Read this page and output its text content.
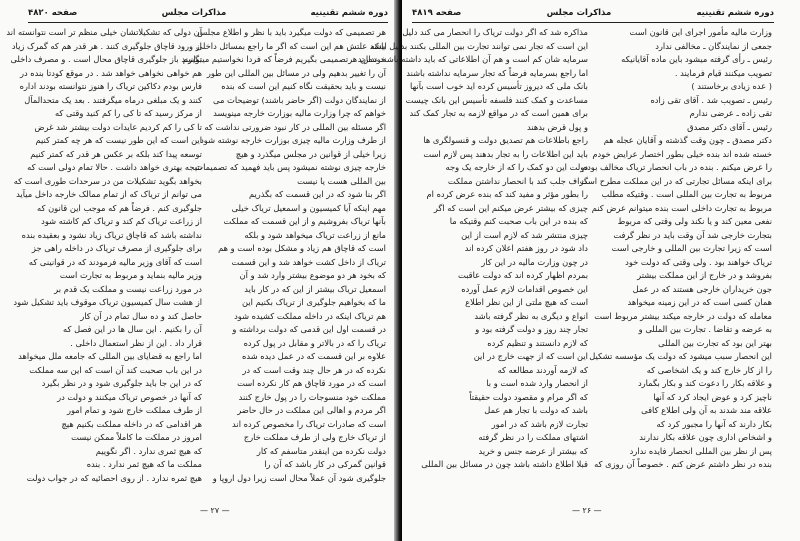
دوره ششم تقنینیه
مذاکرات مجلس
صفحه ۴۸۲۰
هر تصمیمی که دولت میگیرد باید با نظر و اطلاع مجلس
باشد علتش هم این است که اگر ما راجع بمسائل داخلی
خودمان هرتصمیمی بگیریم فرضاً که فردا نخواستیم میتوانیم
آن را تغییر بدهیم ولی در مسائل بین المللی این طور
نیست و باید بحقیقت نگاه کنیم این است که بنده
از نمایندگان دولت (اگر حاضر باشند) توضیحات می
خواهم که چرا وزارت مالیه بوزارت خارجه مینویسد
اگر مسئله بین المللی در کار نبود ضرورتی نداشت که
از طرف وزارت مالیه چیزی بوزارت خارجه نوشته شود
زیرا خیلی از قوانین در مجلس میگذرد و هیچ
خارجه چیزی نوشته نمیشود پس باید فهمید که تصمیمات
بین المللی هست یا نیست
اگر بنا شود که در این قسمت که بگذریم
مهم اینکه آیا کمیسیون و اسمعیل تریاک خیلی
بآنها تریاک بفروشیم و از این قسمت که مملکت
مانع از زراعت تریاک میخواهد شود و بلکه
است که قاچاق هم زیاد و مشکل بوده است و هم
تریاک از داخل کشت خواهد شد و این قسمت
که بخود هر دو موضوع بیشتر وارد شد و آن
اسمعیل تریاک بیشتر از این که در کار باید
ما که بخواهیم جلوگیری از تریاک بکنیم این
هم تریاک اینکه در داخله مملکت کشیده شود
در قسمت اول این قدمی که دولت برداشته و
تریاک را که در بالاتر و مقابل در پول کرده
علاوه بر این قسمت که در عمل دیده شده
نکرده که در هر حال چند وقت است که در
است که در مورد قاچاق هم کار نکرده است
مملکت خود منسوجات را در پول خارج کنند
اگر مردم و اهالی این مملکت در حال حاضر
است که صادرات تریاک را مخصوص کرده اند
از تریاک خارج ولی از طرف مملکت خارج
دولت نکرده من اینقدر متاسفم که کار
قوانین گمرکی در کار باشد که آن را
جلوگیری شود آن عملاً محال است زیرا دول اروپا و
آن دولی که تشکیلاتشان خیلی منظم تر است نتوانسته اند
از ورود قاچاق جلوگیری کنند . هر قدر هم که گمرک زیاد
بگیرند باز جلوگیری قاچاق محال است . و مصرف داخلی
هم خواهی نخواهی خواهد شد . در موقع کودتا بنده در
فارس بودم دکاکین تریاک را هنوز نتوانسته بودند اداره
کنند و یک مبلغی درماه میگرفتند . بعد یک متحدالمآل
از مرکز رسید که تا کی را کم کنید وقتی که
تا کی را کم کردیم عایدات دولت بیشتر شد غرض
این است که این طور نیست که هر چه کمتر کنیم
توسعه پیدا کند بلکه بر عکس هر قدر که کمتر کنیم
نتیجه بهتری خواهد داشت . حالا تمام دولی است که
بخواهد بگوید تشکیلات من در سرحدات طوری است که
می توانم از تریاک که از تمام ممالک خارجه داخل میآید
جلوگیری کنم . فرضاً هم که موجب این قانون که
از زراعت تریاک کم کند و تریاک کم کاشته شود
نداشته باشد که قاچاق تریاک زیاد نشود و بعقیده بنده
برای جلوگیری از مصرف تریاک در داخله راهی جز
است که آقای وزیر مالیه فرمودند که در قوانینی که
وزیر مالیه بنماید و مربوط به تجارت است
در مورد زراعت نیست و مملکت یک قدم بر
از هشت سال کمیسیون تریاک موقوف باید تشکیل شود
حاصل کند و ده سال تمام در آن کار
آن را بکنیم . این سال ها در این فصل که
قرار داد . این از نظر استعمال داخلی .
اما راجع به قضایای بین المللی که جامعه ملل میخواهد
در این باب صحبت کند آن است که این سه مملکت
که در این جا باید جلوگیری شود و در نظر بگیرد
که آنها در خصوص تریاک میکنند و دولت در
از طرف مملکت خارج شود و تمام امور
هر اقدامی که در داخله مملکت بکنیم هیچ
امروز در مملکت ما کاملاً ممکن نیست
که هیچ ثمری ندارد . اگر نگوییم
مملکت ما که هیچ ثمر ندارد . بنده
هیچ ثمره ندارد . از روی احصائیه که در جواب دولت
— ۲۷ —
دوره ششم تقنینیه
مذاکرات مجلس
صفحه ۴۸۱۹
وزارت مالیه مأمور اجرای این قانون است
جمعی از نمایندگان ـ مخالفی ندارد
رئیس ـ رأی گرفته میشود باین ماده آقایانیکه
تصویب میکنند قیام فرمایند .
( عده زیادی برخاستند )
رئیس ـ تصویب شد . آقای تقی زاده
تقی زاده ـ عرضی ندارم
رئیس ـ آقای دکتر مصدق
دکتر مصدق ـ چون وقت گذشته و آقایان عجله هم
خسته شده اند بنده خیلی بطور اختصار عرایض خودم
را عرض میکنم . بنده در باب انحصار تریاک مخالف بودم
برای اینکه مسائل تجارتی که در این مملکت مطرح است
مربوط به تجارت بین المللی است . وقتیکه مطلب
مربوط به تجارت داخلی است بنده میتوانم عرض کنم
نفعی معین کند و یا نکند ولی وقتی که مربوط
بتجارت خارجی شد آن وقت باید در نظر گرفت
است که زیرا تجارت بین المللی و خارجی است
تریاک خواهند بود . ولی وقتی که دولت خود
بفروشد و در خارج از این مملکت بیشتر
جون خریداران خارجی هستند که در عمل
همان کسی است که در این زمینه میخواهد
معامله که دولت در خارجه میکند بیشتر مربوط است
به عرضه و تقاضا . تجارت بین المللی و
بهتر این بود که تجارت بین المللی
این انحصار سبب میشود که دولت یک مؤسسه تشکیل
را از کار خارج کند و یک اشخاصی که
و علاقه بکار را دعوت کند و بکار بگمارد
ناچیز کرد و عوض ایجاد کرد که آنها
علاقه مند شدند به آن ولی اطلاع کافی
بکار دارند که آنها را مجبور کرد که
و اشخاص اداری چون علاقه بکار ندارند
پس از نظر بین المللی انحصار فایده ندارد
بنده در نظر داشتم عرض کنم . خصوصاً آن روزی که
مذاکره شد که اگر دولت تریاک را انحصار می کند دلیل
این است که تجار نمی توانند تجارت بین المللی بکنند بدلیل اینکه
سرمایه شان کم است و هم آن اطلاعاتی که باید داشته باشند ندارند
اما راجع بسرمایه فرضاً که تجار سرمایه نداشته باشند
بانک ملی که دیروز تأسیس کرده اید خوب است بآنها
مساعدت و کمک کنند فلسفه تأسیس این بانک چیست
برای همین است که در مواقع لازمه به تجار کمک کند
و پول قرض بدهند
راجع باطلاعات هم تصدیق دولت و قنسولگری ها
باید این اطلاعات را به تجار بدهند پس لازم است
دولت این دو کمک را که از خارجه یک وجه
گزاف جلب کند با انحصار نداشتن مملکت
را بطور مؤثر و مفید کند که بنده عرض کرده ام
چیزی که بیشتر عرض میکنم این است که اگر
که بنده در این باب صحبت کنم وقتیکه ما
چیزی منتشر شد که لازم است از این
داد شود در روز هفتم اعلان کرده اند
در چون وزارت مالیه در این کار
بمردم اظهار کرده اند که دولت عاقبت
این خصوص اقدامات لازم عمل آورده
است که هیچ ملتی از این نظر اطلاع
انواع و دیگری به نظر گرفته باشد
تجار چند روز و دولت گرفته بود و
که لازم دانستند و تنظیم کرده
این است که از جهت خارج در این
که لازمه آوردند مطالعه که
از انحصار وارد شده است و با
که اگر مرام و مقصود دولت حقیقتاً
باشد که دولت با تجار هم عمل
تجارت لازم باشد که در امور
اشتهای مملکت را در نظر گرفته
که بیشتر از عرضه جنس و خرید
قبلا اطلاع داشته باشد چون در مسائل بین المللی
— ۲۶ —
